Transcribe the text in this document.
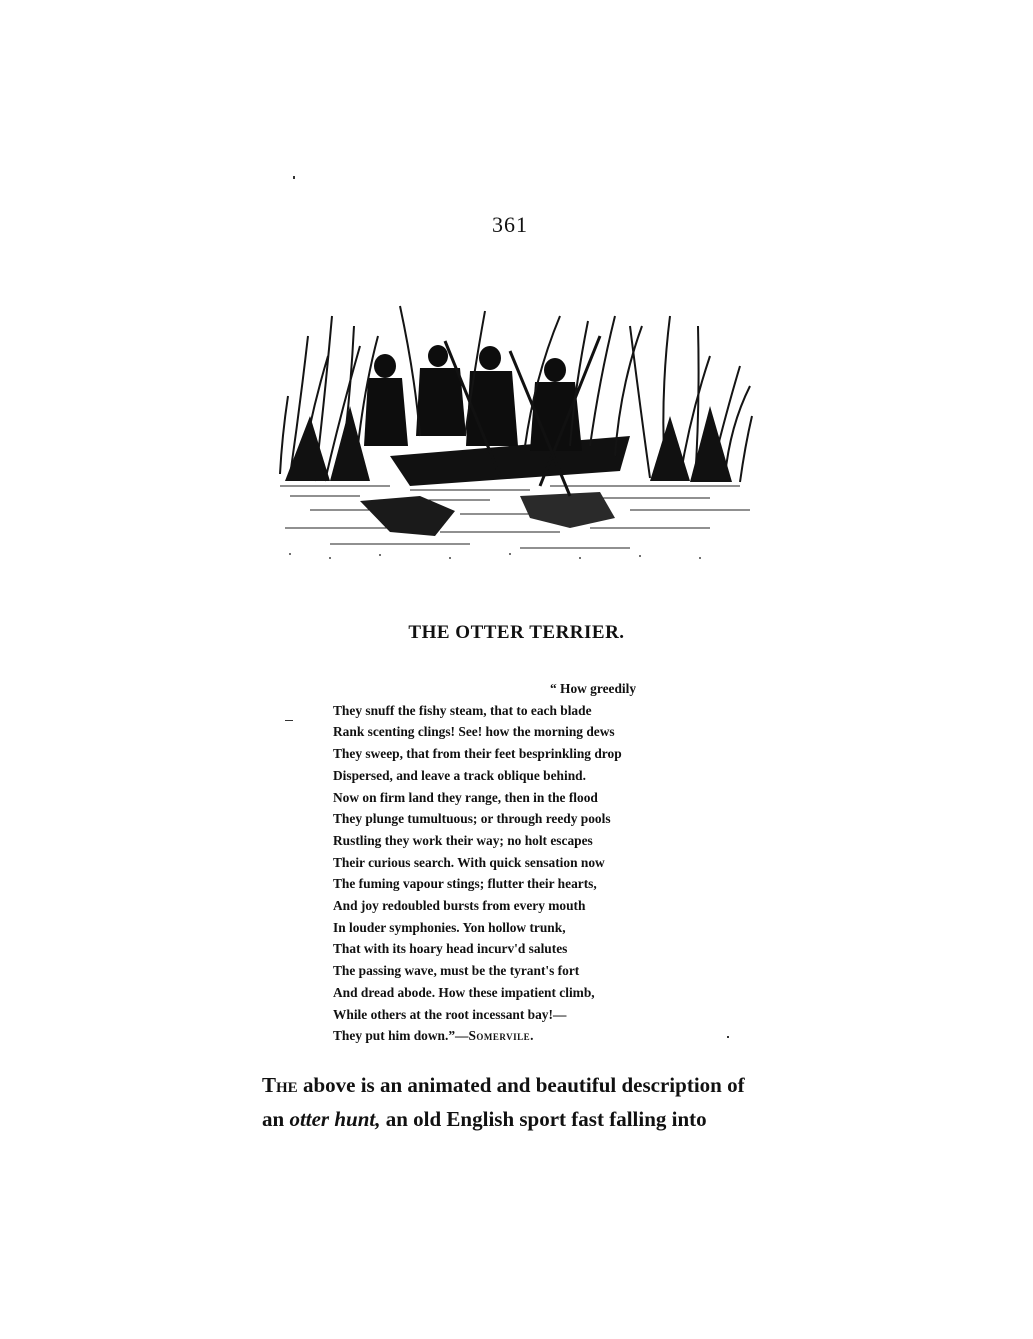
361
THE OTTER TERRIER.
“ How greedily
They snuff the fishy steam, that to each blade
Rank scenting clings! See! how the morning dews
They sweep, that from their feet besprinkling drop
Dispersed, and leave a track oblique behind.
Now on firm land they range, then in the flood
They plunge tumultuous; or through reedy pools
Rustling they work their way; no holt escapes
Their curious search. With quick sensation now
The fuming vapour stings; flutter their hearts,
And joy redoubled bursts from every mouth
In louder symphonies. Yon hollow trunk,
That with its hoary head incurv'd salutes
The passing wave, must be the tyrant's fort
And dread abode. How these impatient climb,
While others at the root incessant bay!—
They put him down.”—Somervile.
The above is an animated and beautiful description of
an otter hunt, an old English sport fast falling into
